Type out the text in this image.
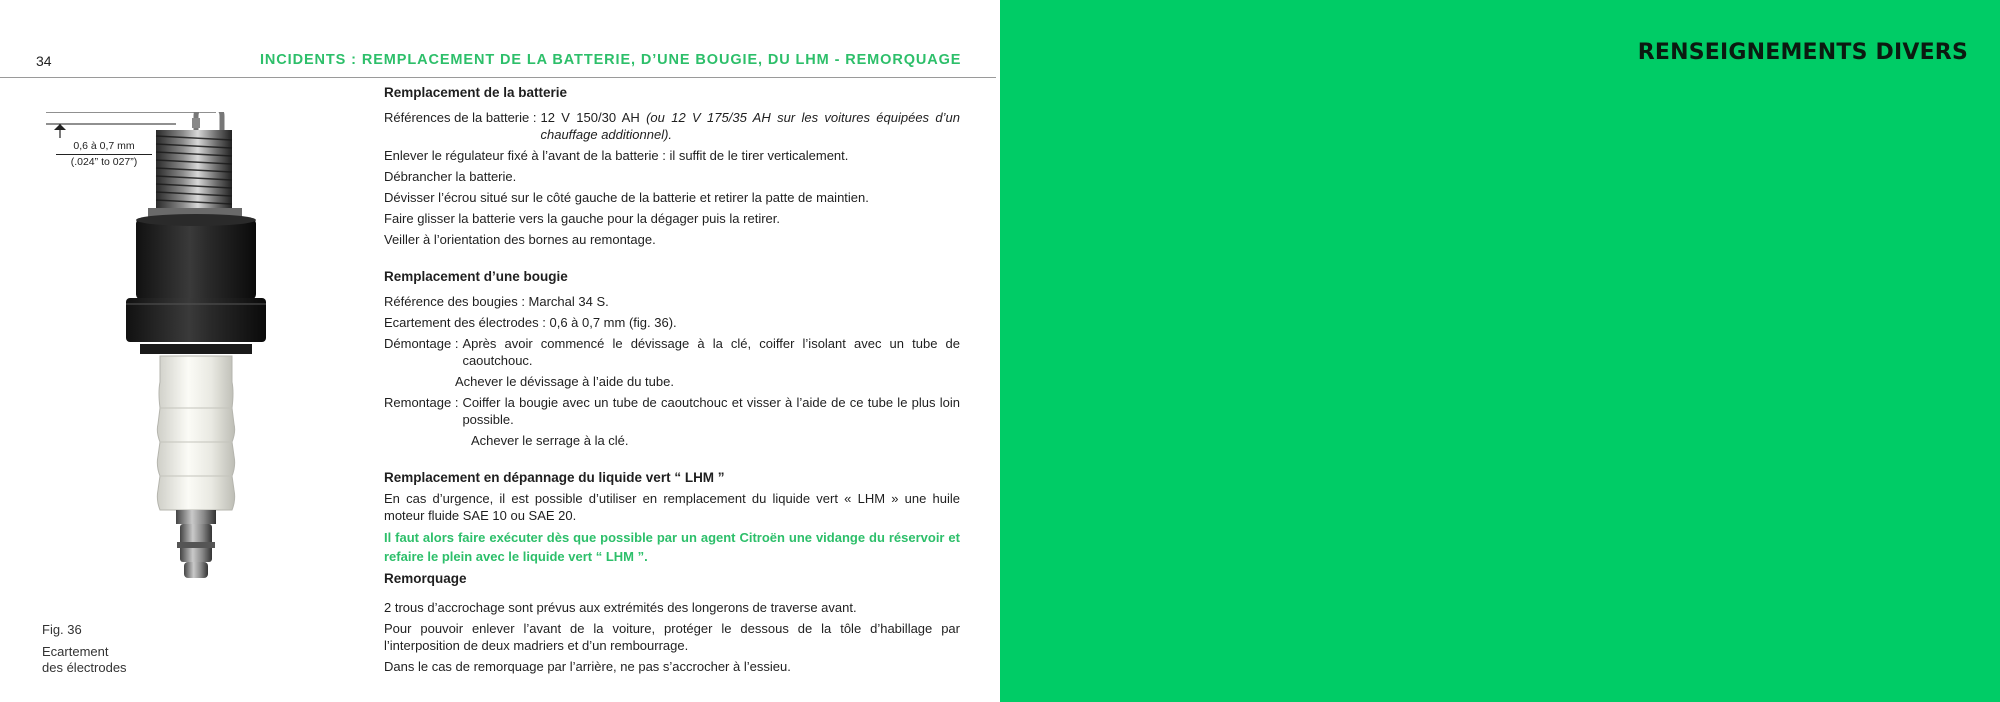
34	INCIDENTS : REMPLACEMENT DE LA BATTERIE, D’UNE BOUGIE, DU LHM - REMORQUAGE
0,6 à 0,7 mm
(.024” to 027”)
Fig. 36
Ecartement
des électrodes
Remplacement de la batterie
Références de la batterie : 12 V 150/30 AH (ou 12 V 175/35 AH sur les voitures équipées d’un chauffage additionnel).

Enlever le régulateur fixé à l’avant de la batterie : il suffit de le tirer verticalement.

Débrancher la batterie.

Dévisser l’écrou situé sur le côté gauche de la batterie et retirer la patte de maintien.

Faire glisser la batterie vers la gauche pour la dégager puis la retirer.

Veiller à l’orientation des bornes au remontage.

Remplacement d’une bougie

Référence des bougies : Marchal 34 S.

Ecartement des électrodes : 0,6 à 0,7 mm (fig. 36).

Démontage : Après avoir commencé le dévissage à la clé, coiffer l’isolant avec un tube de caoutchouc.

Achever le dévissage à l’aide du tube.

Remontage : Coiffer la bougie avec un tube de caoutchouc et visser à l’aide de ce tube le plus loin possible.

Achever le serrage à la clé.

Remplacement en dépannage du liquide vert “ LHM ”

En cas d’urgence, il est possible d’utiliser en remplacement du liquide vert « LHM » une huile moteur fluide SAE 10 ou SAE 20.

Il faut alors faire exécuter dès que possible par un agent Citroën une vidange du réservoir et refaire le plein avec le liquide vert “ LHM ”.

Remorquage

2 trous d’accrochage sont prévus aux extrémités des longerons de traverse avant.

Pour pouvoir enlever l’avant de la voiture, protéger le dessous de la tôle d’habillage par l’interposition de deux madriers et d’un rembourrage.

Dans le cas de remorquage par l’arrière, ne pas s’accrocher à l’essieu.

RENSEIGNEMENTS DIVERS
